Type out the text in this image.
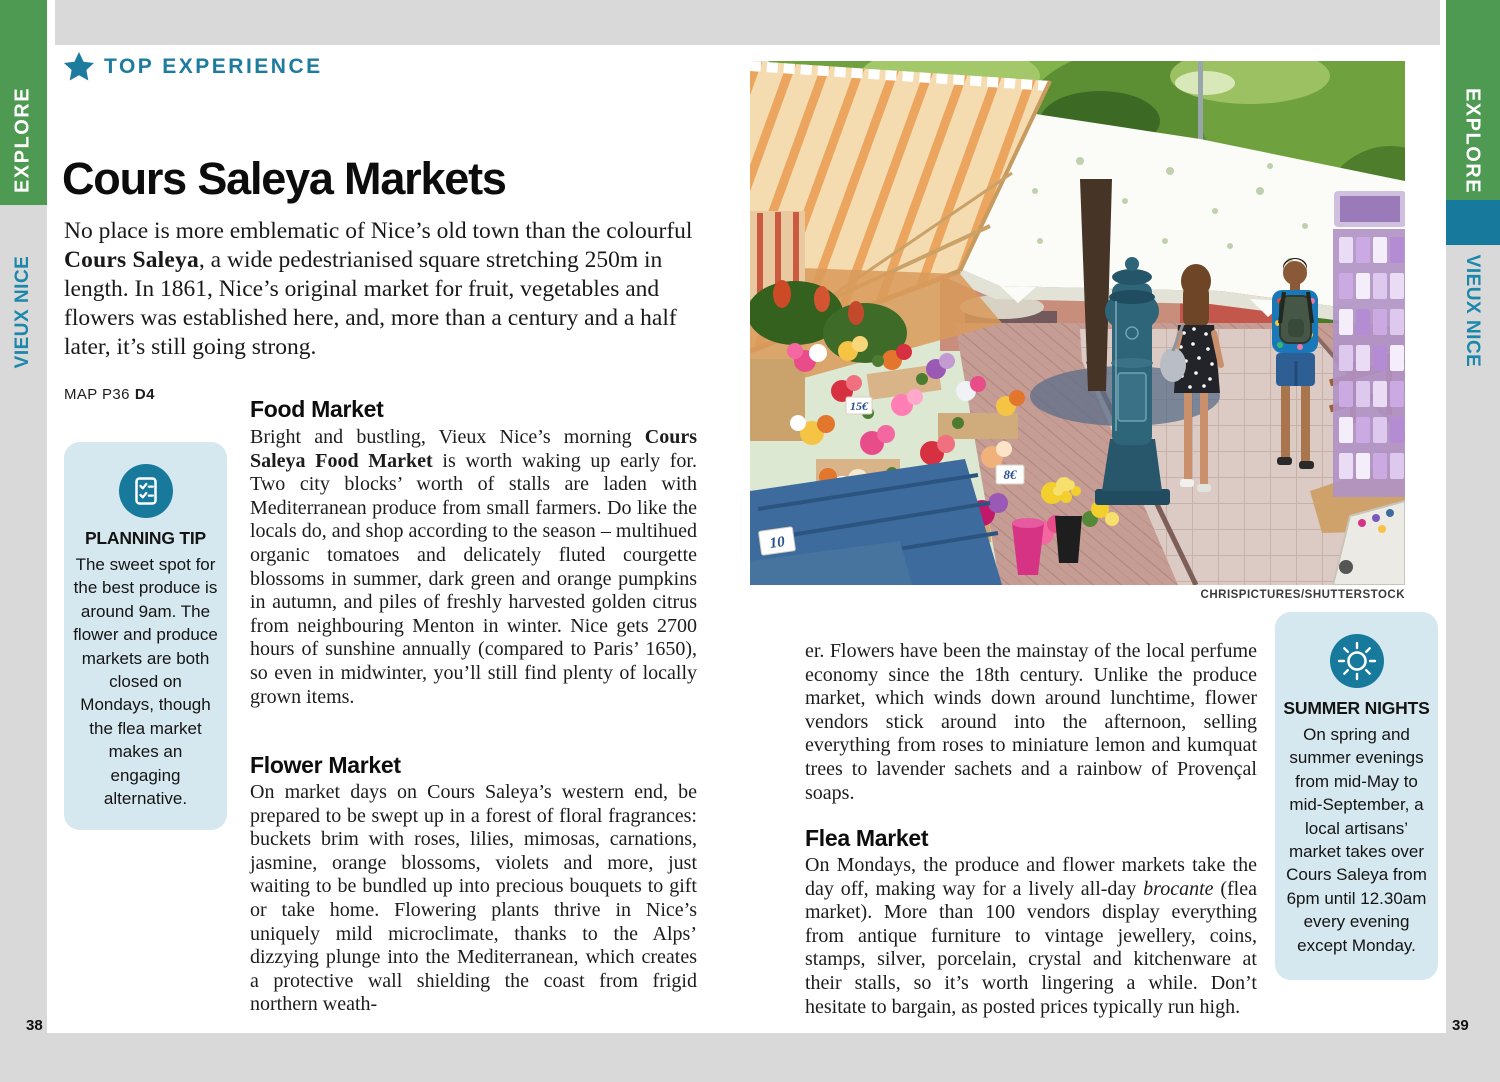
EXPLORE
VIEUX NICE
38
EXPLORE
VIEUX NICE
39
TOP EXPERIENCE
Cours Saleya Markets

No place is more emblematic of Nice’s old town than the colourful Cours Saleya, a wide pedestrianised square stretching 250m in length. In 1861, Nice’s original market for fruit, vegetables and flowers was established here, and, more than a century and a half later, it’s still going strong.

MAP P36 D4
PLANNING TIP
The sweet spot for the best produce is around 9am. The flower and produce markets are both closed on Mondays, though the flea market makes an engaging alternative.
Food Market

Bright and bustling, Vieux Nice’s morning Cours Saleya Food Market is worth waking up early for. Two city blocks’ worth of stalls are laden with Mediterranean produce from small farmers. Do like the locals do, and shop according to the season – multihued organic tomatoes and delicately fluted courgette blossoms in summer, dark green and orange pumpkins in autumn, and piles of freshly harvested golden citrus from neighbouring Menton in winter. Nice gets 2700 hours of sunshine annually (compared to Paris’ 1650), so even in midwinter, you’ll still find plenty of locally grown items.

Flower Market

On market days on Cours Saleya’s western end, be prepared to be swept up in a forest of floral fragrances: buckets brim with roses, lilies, mimosas, carnations, jasmine, orange blossoms, violets and more, just waiting to be bundled up into precious bouquets to gift or take home. Flowering plants thrive in Nice’s uniquely mild microclimate, thanks to the Alps’ dizzying plunge into the Mediterranean, which creates a protective wall shielding the coast from frigid northern weath-

15€
8€
10
CHRISPICTURES/SHUTTERSTOCK

er. Flowers have been the mainstay of the local perfume economy since the 18th century. Unlike the produce market, which winds down around lunchtime, flower vendors stick around into the afternoon, selling everything from roses to miniature lemon and kumquat trees to lavender sachets and a rainbow of Provençal soaps.

Flea Market

On Mondays, the produce and flower markets take the day off, making way for a lively all-day brocante (flea market). More than 100 vendors display everything from antique furniture to vintage jewellery, coins, stamps, silver, porcelain, crystal and kitchenware at their stalls, so it’s worth lingering a while. Don’t hesitate to bargain, as posted prices typically run high.

SUMMER NIGHTS
On spring and summer evenings from mid-May to mid-September, a local artisans’ market takes over Cours Saleya from 6pm until 12.30am every evening except Monday.
